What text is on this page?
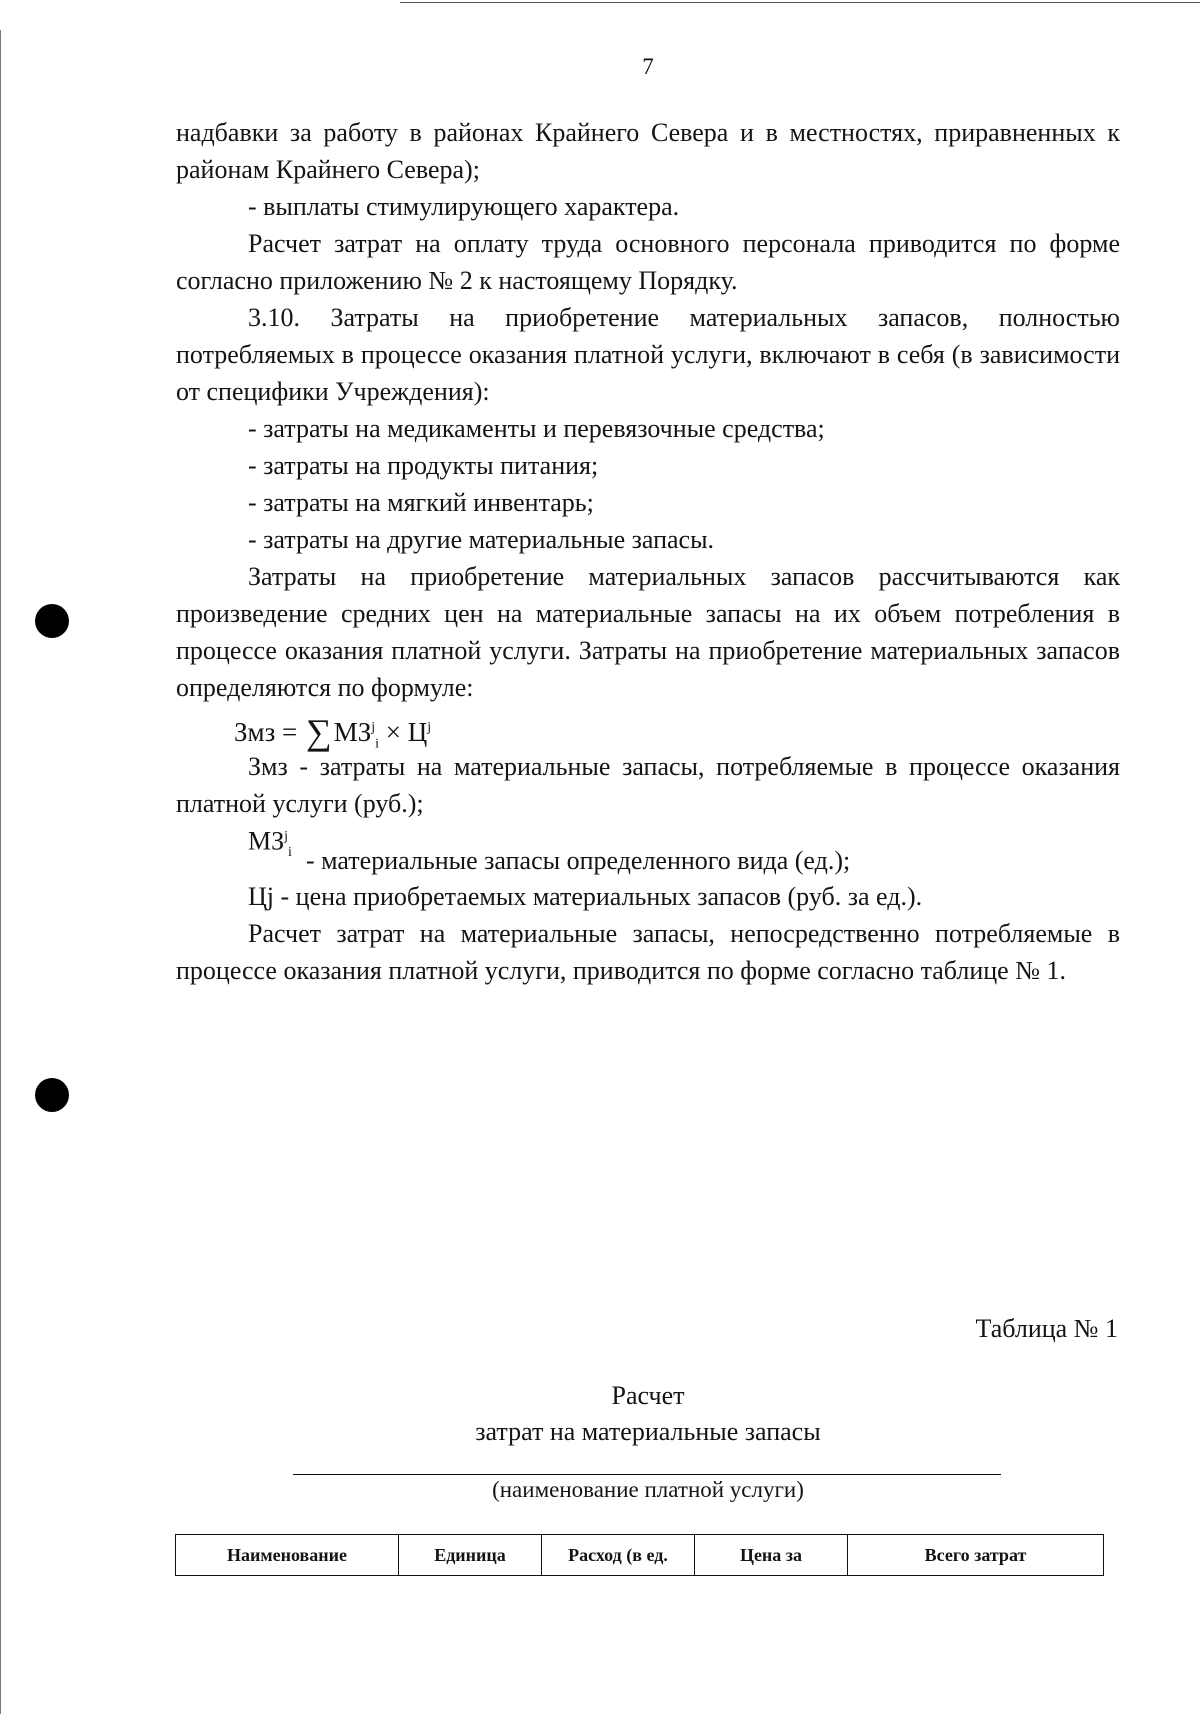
7

надбавки за работу в районах Крайнего Севера и в местностях, приравненных к районам Крайнего Севера);

- выплаты стимулирующего характера.

Расчет затрат на оплату труда основного персонала приводится по форме согласно приложению № 2 к настоящему Порядку.

3.10. Затраты на приобретение материальных запасов, полностью потребляемых в процессе оказания платной услуги, включают в себя (в зависимости от специфики Учреждения):

- затраты на медикаменты и перевязочные средства;

- затраты на продукты питания;

- затраты на мягкий инвентарь;

- затраты на другие материальные запасы.

Затраты на приобретение материальных запасов рассчитываются как произведение средних цен на материальные запасы на их объем потребления в процессе оказания платной услуги. Затраты на приобретение материальных запасов определяются по формуле:

Змз = $\sum МЗ^j_i \times Ц^j$

Змз - затраты на материальные запасы, потребляемые в процессе оказания платной услуги (руб.);

$МЗ^j_i$ - материальные запасы определенного вида (ед.);

Цj - цена приобретаемых материальных запасов (руб. за ед.).

Расчет затрат на материальные запасы, непосредственно потребляемые в процессе оказания платной услуги, приводится по форме согласно таблице № 1.

Таблица № 1
Расчет
затрат на материальные запасы
(наименование платной услуги)
Наименование	Единица	Расход (в ед.	Цена за	Всего затрат
